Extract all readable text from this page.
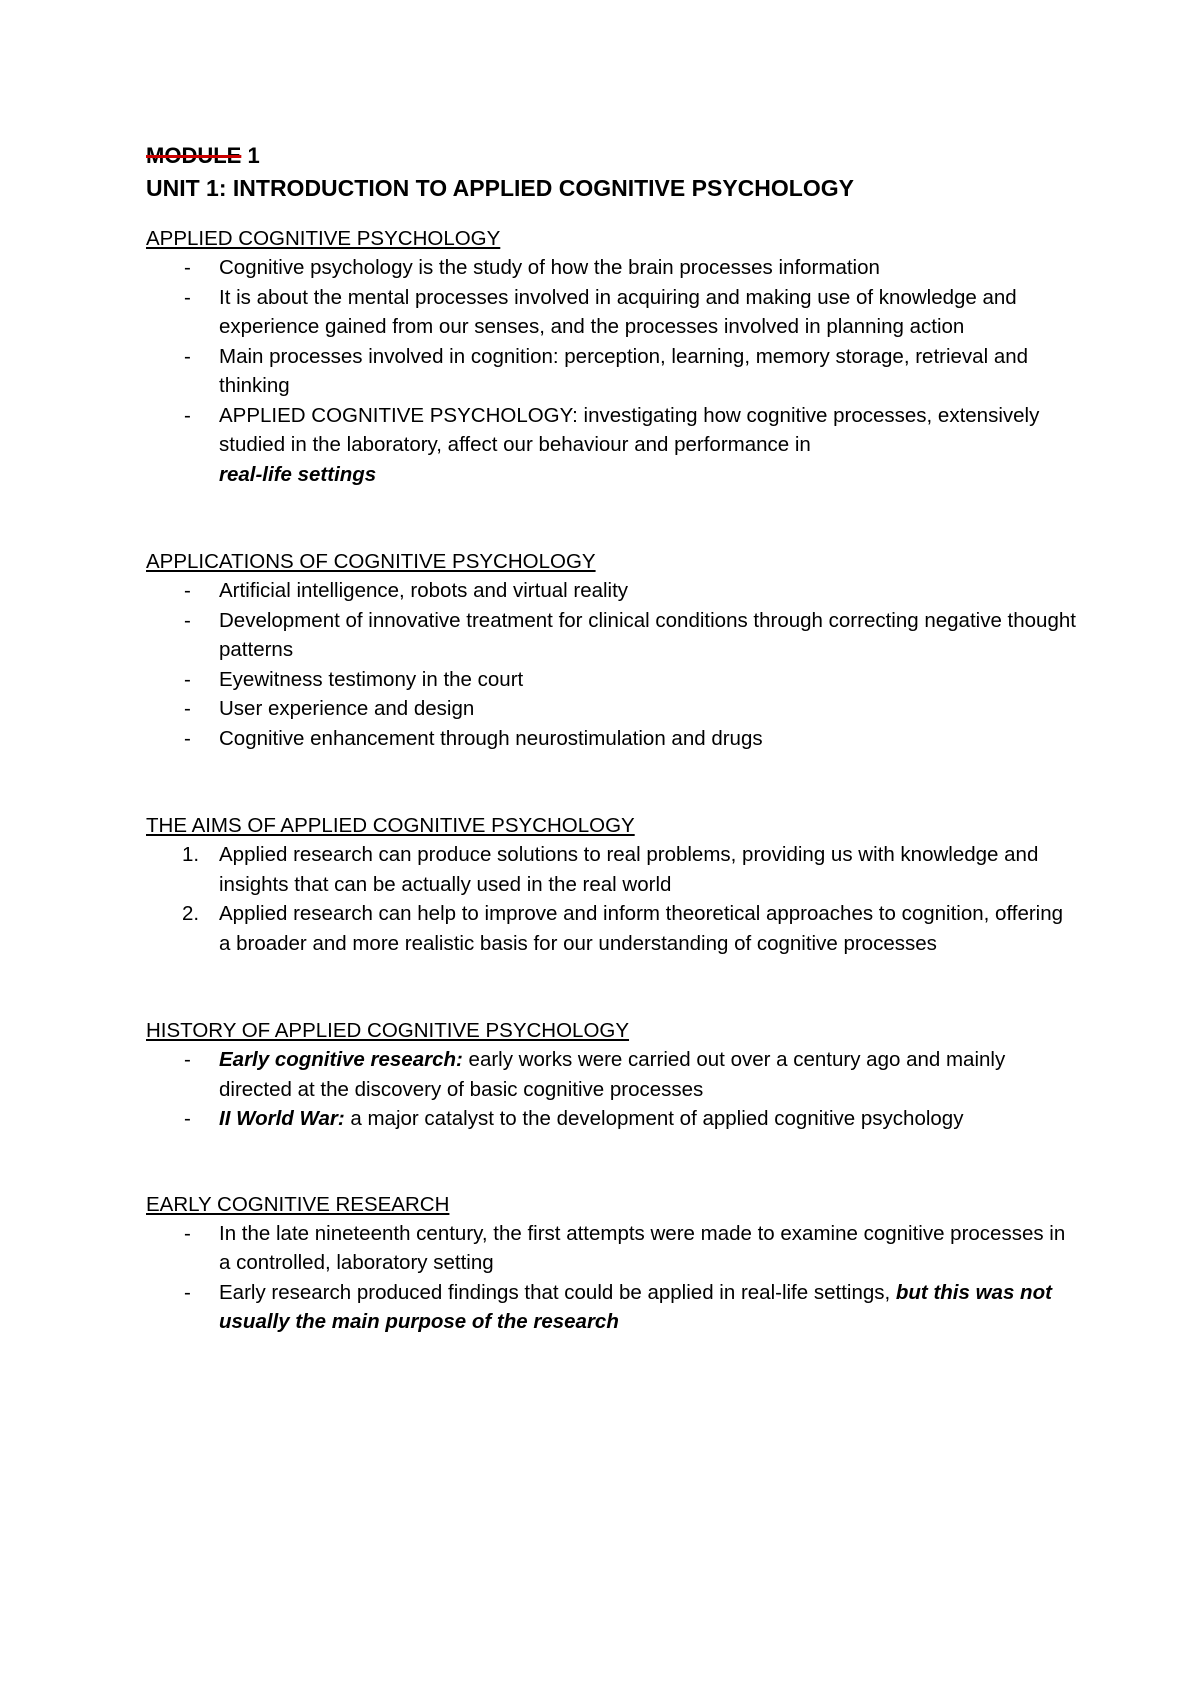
MODULE 1

UNIT 1: INTRODUCTION TO APPLIED COGNITIVE PSYCHOLOGY

APPLIED COGNITIVE PSYCHOLOGY

- Cognitive psychology is the study of how the brain processes information
- It is about the mental processes involved in acquiring and making use of knowledge and experience gained from our senses, and the processes involved in planning action
- Main processes involved in cognition: perception, learning, memory storage, retrieval and thinking
- APPLIED COGNITIVE PSYCHOLOGY: investigating how cognitive processes, extensively studied in the laboratory, affect our behaviour and performance in
real-life settings

APPLICATIONS OF COGNITIVE PSYCHOLOGY

- Artificial intelligence, robots and virtual reality
- Development of innovative treatment for clinical conditions through correcting negative thought patterns
- Eyewitness testimony in the court
- User experience and design
- Cognitive enhancement through neurostimulation and drugs

THE AIMS OF APPLIED COGNITIVE PSYCHOLOGY

1. Applied research can produce solutions to real problems, providing us with knowledge and insights that can be actually used in the real world
2. Applied research can help to improve and inform theoretical approaches to cognition, offering a broader and more realistic basis for our understanding of cognitive processes

HISTORY OF APPLIED COGNITIVE PSYCHOLOGY

- Early cognitive research: early works were carried out over a century ago and mainly directed at the discovery of basic cognitive processes
- II World War: a major catalyst to the development of applied cognitive psychology

EARLY COGNITIVE RESEARCH

- In the late nineteenth century, the first attempts were made to examine cognitive processes in a controlled, laboratory setting
- Early research produced findings that could be applied in real-life settings, but this was not usually the main purpose of the research
